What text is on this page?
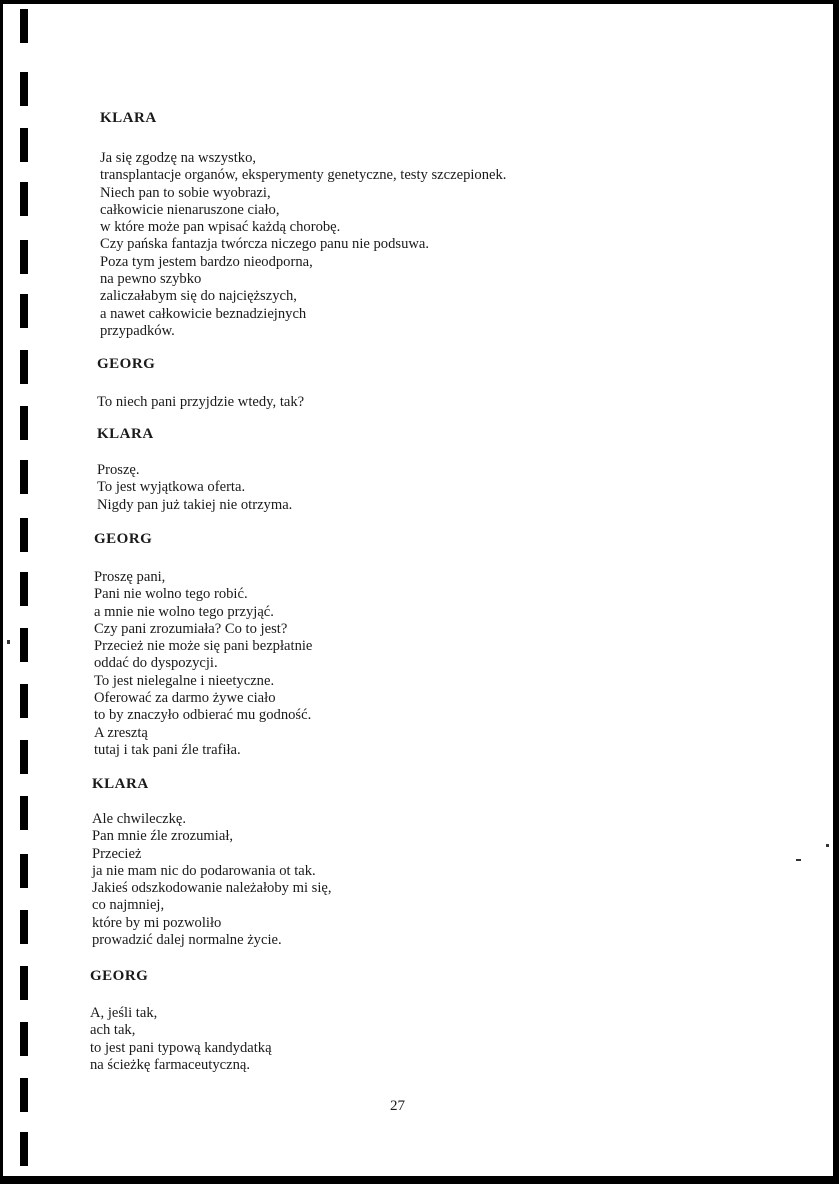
KLARA

Ja się zgodzę na wszystko,
transplantacje organów, eksperymenty genetyczne, testy szczepionek.
Niech pan to sobie wyobrazi,
całkowicie nienaruszone ciało,
w które może pan wpisać każdą chorobę.
Czy pańska fantazja twórcza niczego panu nie podsuwa.
Poza tym jestem bardzo nieodporna,
na pewno szybko
zaliczałabym się do najcięższych,
a nawet całkowicie beznadziejnych
przypadków.

GEORG

To niech pani przyjdzie wtedy, tak?

KLARA

Proszę.
To jest wyjątkowa oferta.
Nigdy pan już takiej nie otrzyma.

GEORG

Proszę pani,
Pani nie wolno tego robić.
a mnie nie wolno tego przyjąć.
Czy pani zrozumiała? Co to jest?
Przecież nie może się pani bezpłatnie
oddać do dyspozycji.
To jest nielegalne i nieetyczne.
Oferować za darmo żywe ciało
to by znaczyło odbierać mu godność.
A zresztą
tutaj i tak pani źle trafiła.

KLARA

Ale chwileczkę.
Pan mnie źle zrozumiał,
Przecież
ja nie mam nic do podarowania ot tak.
Jakieś odszkodowanie należałoby mi się,
co najmniej,
które by mi pozwoliło
prowadzić dalej normalne życie.

GEORG

A, jeśli tak,
ach tak,
to jest pani typową kandydatką
na ścieżkę farmaceutyczną.

27
